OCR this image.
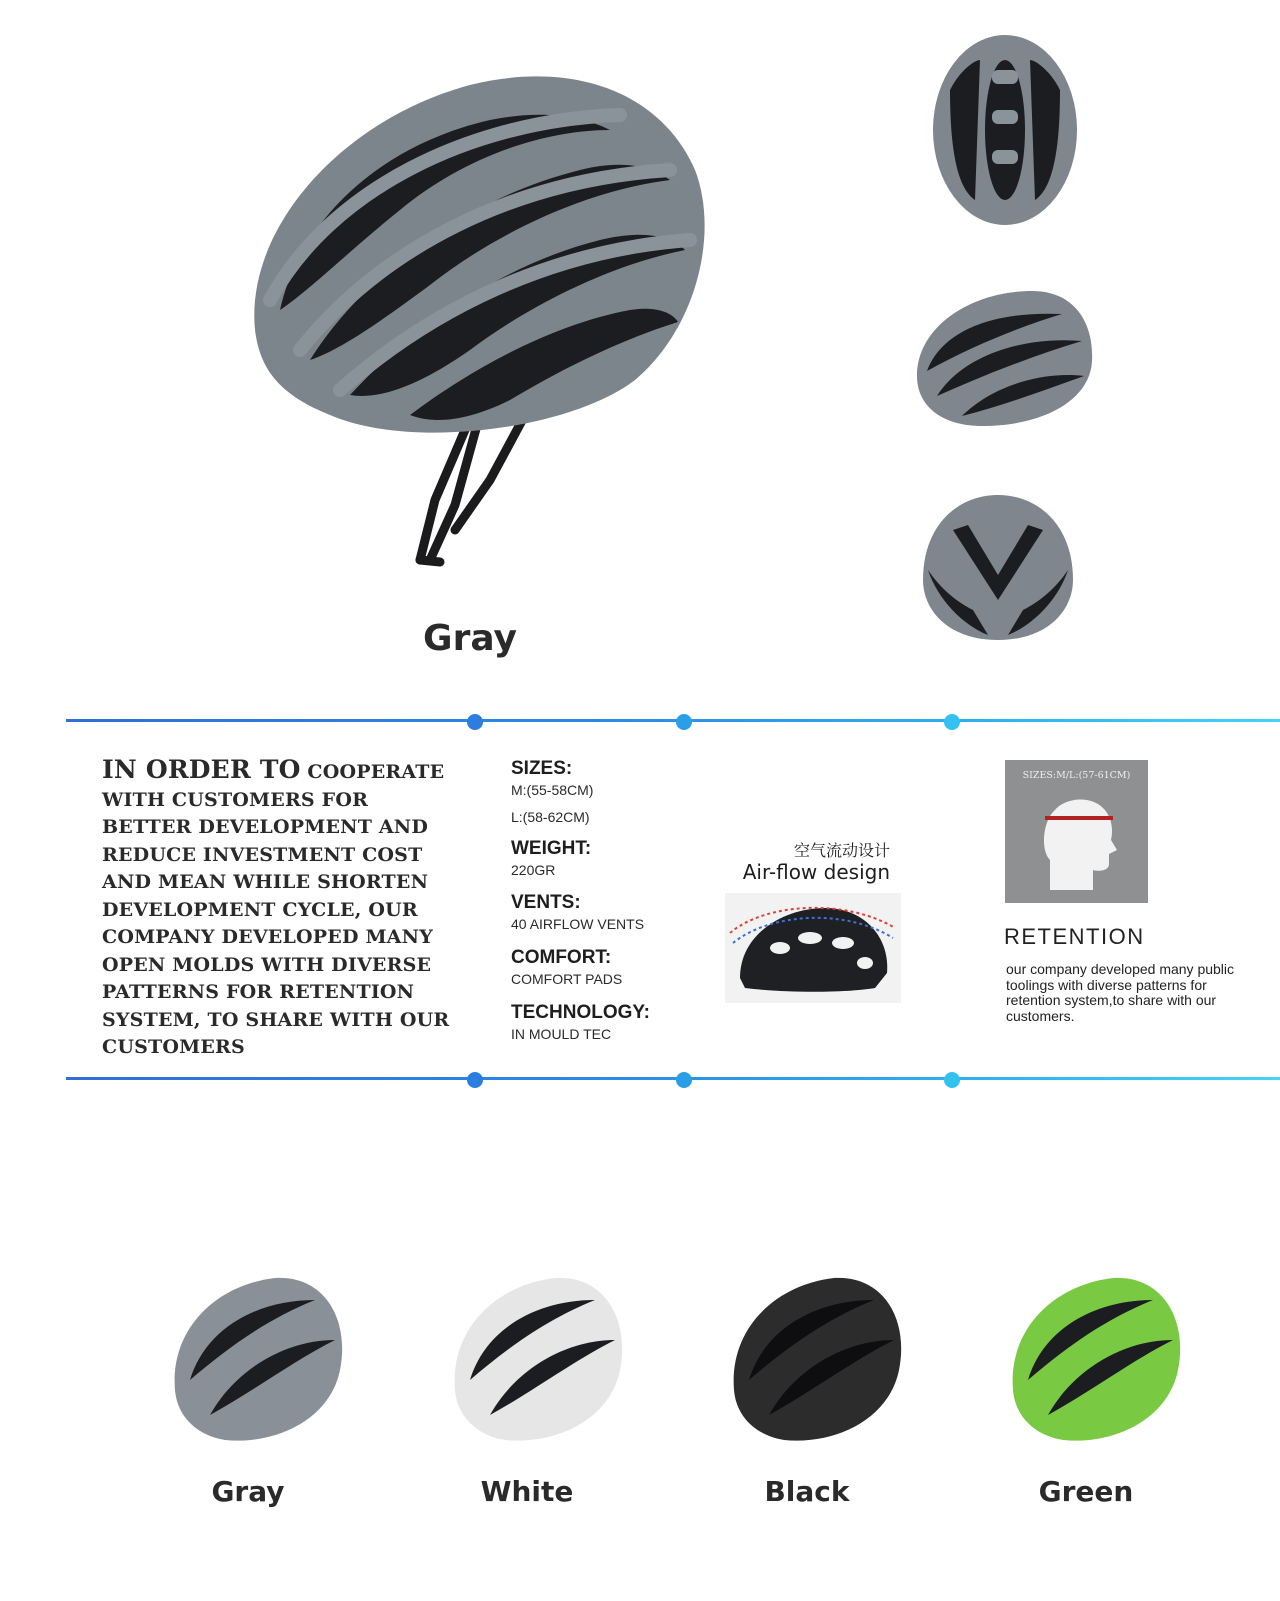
Gray
IN ORDER TO COOPERATE WITH CUSTOMERS FOR BETTER DEVELOPMENT AND REDUCE INVESTMENT COST AND MEAN WHILE SHORTEN DEVELOPMENT CYCLE, OUR COMPANY DEVELOPED MANY OPEN MOLDS WITH DIVERSE PATTERNS FOR RETENTION SYSTEM, TO SHARE WITH OUR CUSTOMERS

SIZES:

M:(55-58CM)

L:(58-62CM)

WEIGHT:

220GR

VENTS:

40 AIRFLOW VENTS

COMFORT:

COMFORT PADS

TECHNOLOGY:

IN MOULD TEC

空气流动设计
Air-flow design
SIZES:M/L:(57-61CM)
RETENTION
our company developed many public toolings with diverse patterns for retention system,to share with our customers.
Gray	White	Black	Green
